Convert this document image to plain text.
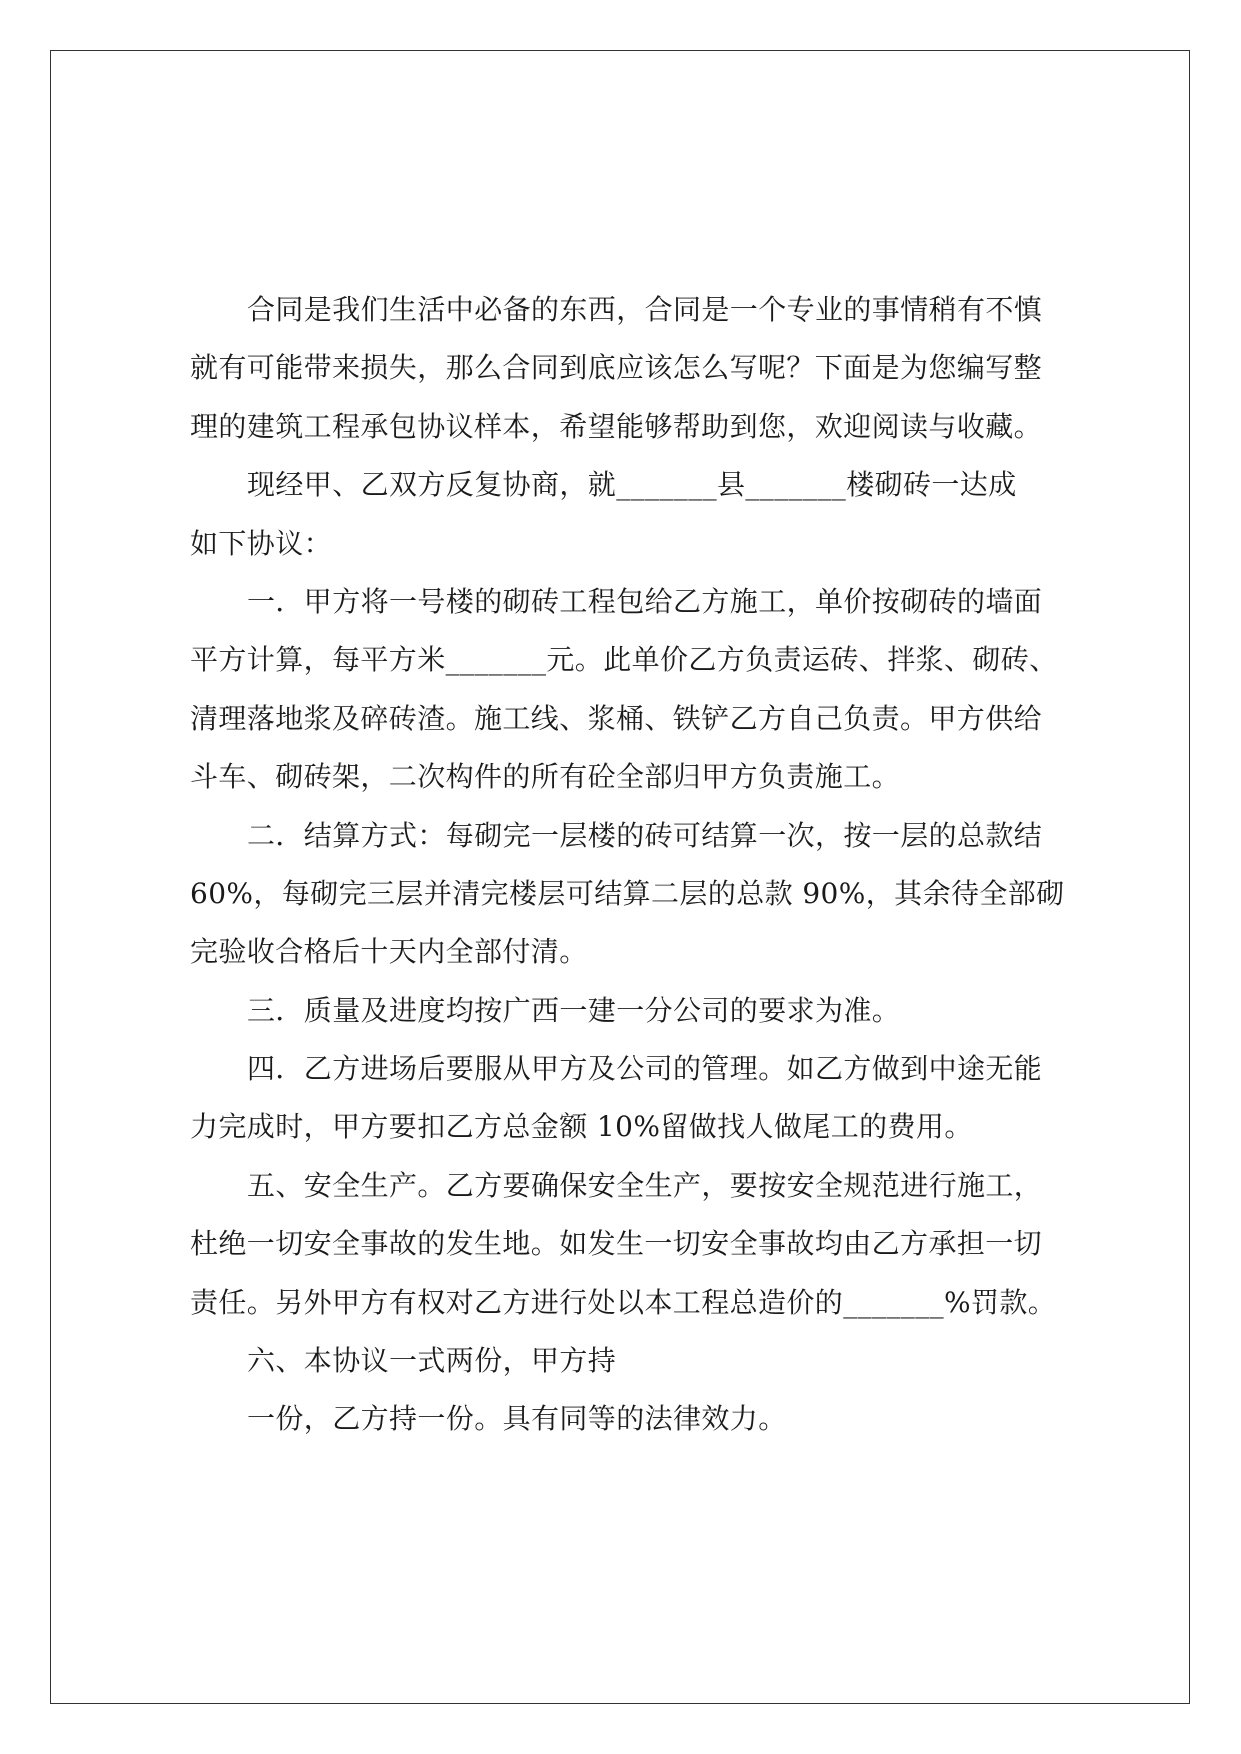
合同是我们生活中必备的东西，合同是一个专业的事情稍有不慎
就有可能带来损失，那么合同到底应该怎么写呢？下面是为您编写整
理的建筑工程承包协议样本，希望能够帮助到您，欢迎阅读与收藏。
现经甲、乙双方反复协商，就_______县_______楼砌砖一达成
如下协议：
一．甲方将一号楼的砌砖工程包给乙方施工，单价按砌砖的墙面
平方计算，每平方米_______元。此单价乙方负责运砖、拌浆、砌砖、
清理落地浆及碎砖渣。施工线、浆桶、铁铲乙方自己负责。甲方供给
斗车、砌砖架，二次构件的所有砼全部归甲方负责施工。
二．结算方式：每砌完一层楼的砖可结算一次，按一层的总款结
60%，每砌完三层并清完楼层可结算二层的总款 90%，其余待全部砌
完验收合格后十天内全部付清。
三．质量及进度均按广西一建一分公司的要求为准。
四．乙方进场后要服从甲方及公司的管理。如乙方做到中途无能
力完成时，甲方要扣乙方总金额 10%留做找人做尾工的费用。
五、安全生产。乙方要确保安全生产，要按安全规范进行施工，
杜绝一切安全事故的发生地。如发生一切安全事故均由乙方承担一切
责任。另外甲方有权对乙方进行处以本工程总造价的_______%罚款。
六、本协议一式两份，甲方持
一份，乙方持一份。具有同等的法律效力。
